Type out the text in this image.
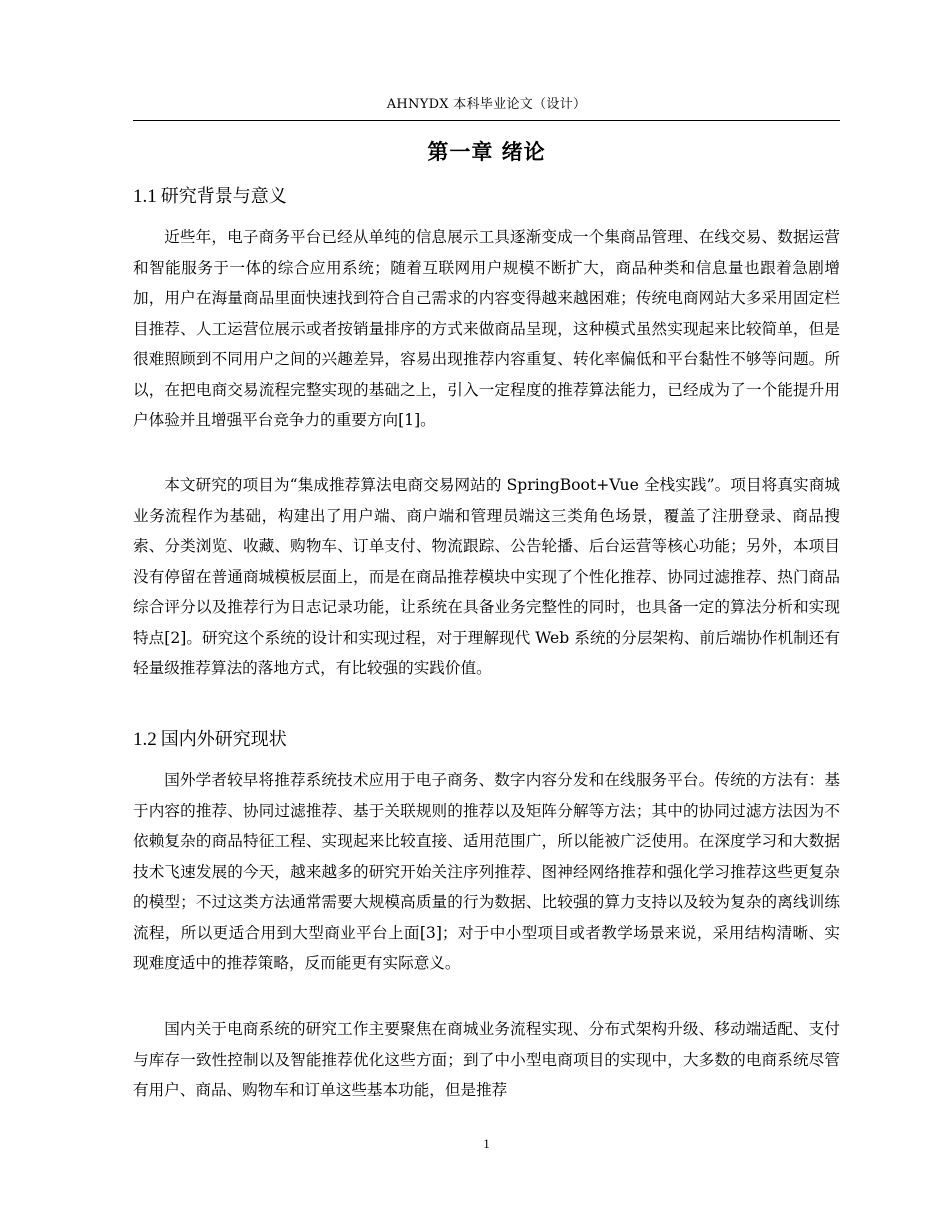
AHNYDX 本科毕业论文（设计）
第一章 绪论
1.1 研究背景与意义

近些年，电子商务平台已经从单纯的信息展示工具逐渐变成一个集商品管理、在线交易、数据运营和智能服务于一体的综合应用系统；随着互联网用户规模不断扩大，商品种类和信息量也跟着急剧增加，用户在海量商品里面快速找到符合自己需求的内容变得越来越困难；传统电商网站大多采用固定栏目推荐、人工运营位展示或者按销量排序的方式来做商品呈现，这种模式虽然实现起来比较简单，但是很难照顾到不同用户之间的兴趣差异，容易出现推荐内容重复、转化率偏低和平台黏性不够等问题。所以，在把电商交易流程完整实现的基础之上，引入一定程度的推荐算法能力，已经成为了一个能提升用户体验并且增强平台竞争力的重要方向[1]。

本文研究的项目为“集成推荐算法电商交易网站的 SpringBoot+Vue 全栈实践”。项目将真实商城业务流程作为基础，构建出了用户端、商户端和管理员端这三类角色场景，覆盖了注册登录、商品搜索、分类浏览、收藏、购物车、订单支付、物流跟踪、公告轮播、后台运营等核心功能；另外，本项目没有停留在普通商城模板层面上，而是在商品推荐模块中实现了个性化推荐、协同过滤推荐、热门商品综合评分以及推荐行为日志记录功能，让系统在具备业务完整性的同时，也具备一定的算法分析和实现特点[2]。研究这个系统的设计和实现过程，对于理解现代 Web 系统的分层架构、前后端协作机制还有轻量级推荐算法的落地方式，有比较强的实践价值。

1.2 国内外研究现状

国外学者较早将推荐系统技术应用于电子商务、数字内容分发和在线服务平台。传统的方法有：基于内容的推荐、协同过滤推荐、基于关联规则的推荐以及矩阵分解等方法；其中的协同过滤方法因为不依赖复杂的商品特征工程、实现起来比较直接、适用范围广，所以能被广泛使用。在深度学习和大数据技术飞速发展的今天，越来越多的研究开始关注序列推荐、图神经网络推荐和强化学习推荐这些更复杂的模型；不过这类方法通常需要大规模高质量的行为数据、比较强的算力支持以及较为复杂的离线训练流程，所以更适合用到大型商业平台上面[3]；对于中小型项目或者教学场景来说，采用结构清晰、实现难度适中的推荐策略，反而能更有实际意义。

国内关于电商系统的研究工作主要聚焦在商城业务流程实现、分布式架构升级、移动端适配、支付与库存一致性控制以及智能推荐优化这些方面；到了中小型电商项目的实现中，大多数的电商系统尽管有用户、商品、购物车和订单这些基本功能，但是推荐

1
